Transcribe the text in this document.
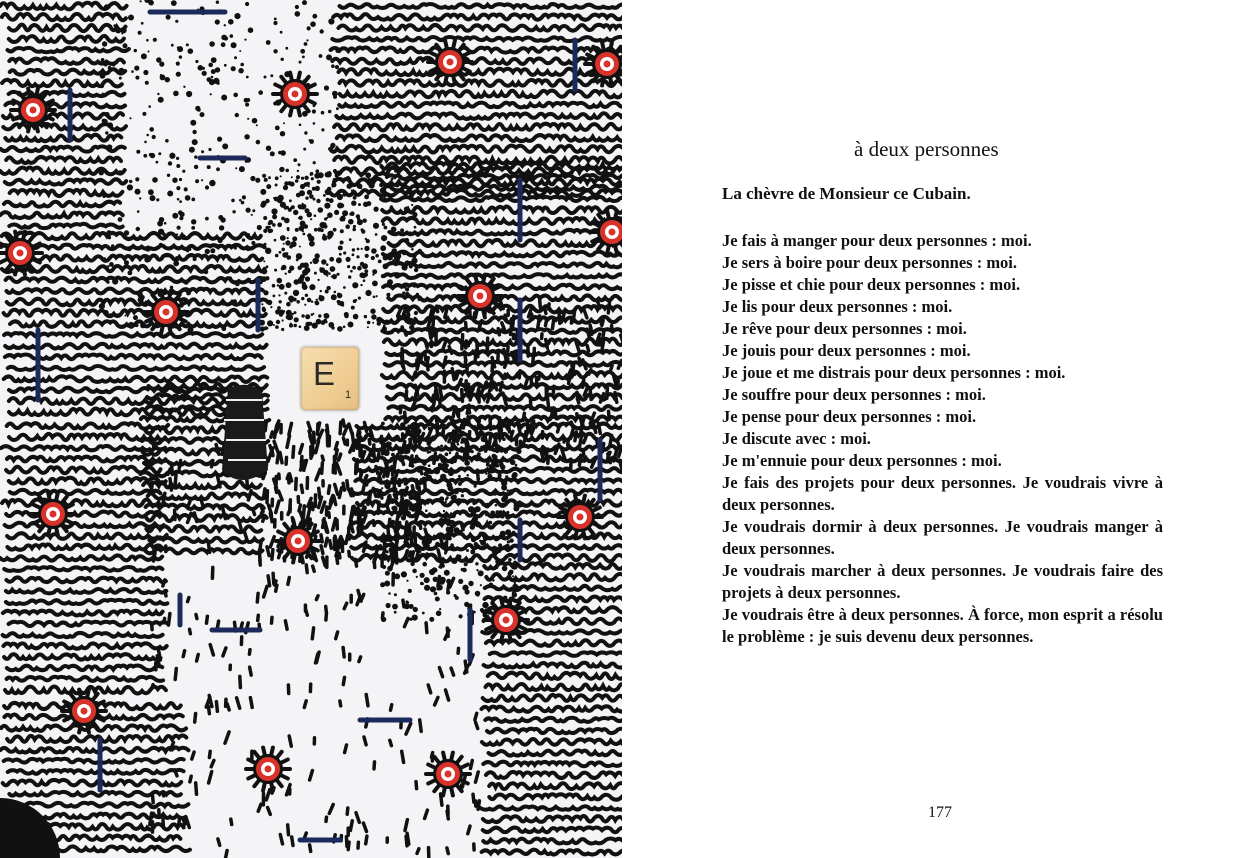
E
1
à deux personnes
La chèvre de Monsieur ce Cubain.
Je fais à manger pour deux personnes : moi.
Je sers à boire pour deux personnes : moi.
Je pisse et chie pour deux personnes : moi.
Je lis pour deux personnes : moi.
Je rêve pour deux personnes : moi.
Je jouis pour deux personnes : moi.
Je joue et me distrais pour deux personnes : moi.
Je souffre pour deux personnes : moi.
Je pense pour deux personnes : moi.
Je discute avec : moi.
Je m'ennuie pour deux personnes : moi.
Je fais des projets pour deux personnes. Je voudrais vivre à deux personnes.
Je voudrais dormir à deux personnes. Je voudrais manger à deux personnes.
Je voudrais marcher à deux personnes. Je voudrais faire des projets à deux personnes.
Je voudrais être à deux personnes. À force, mon esprit a résolu le problème : je suis devenu deux personnes.
177
